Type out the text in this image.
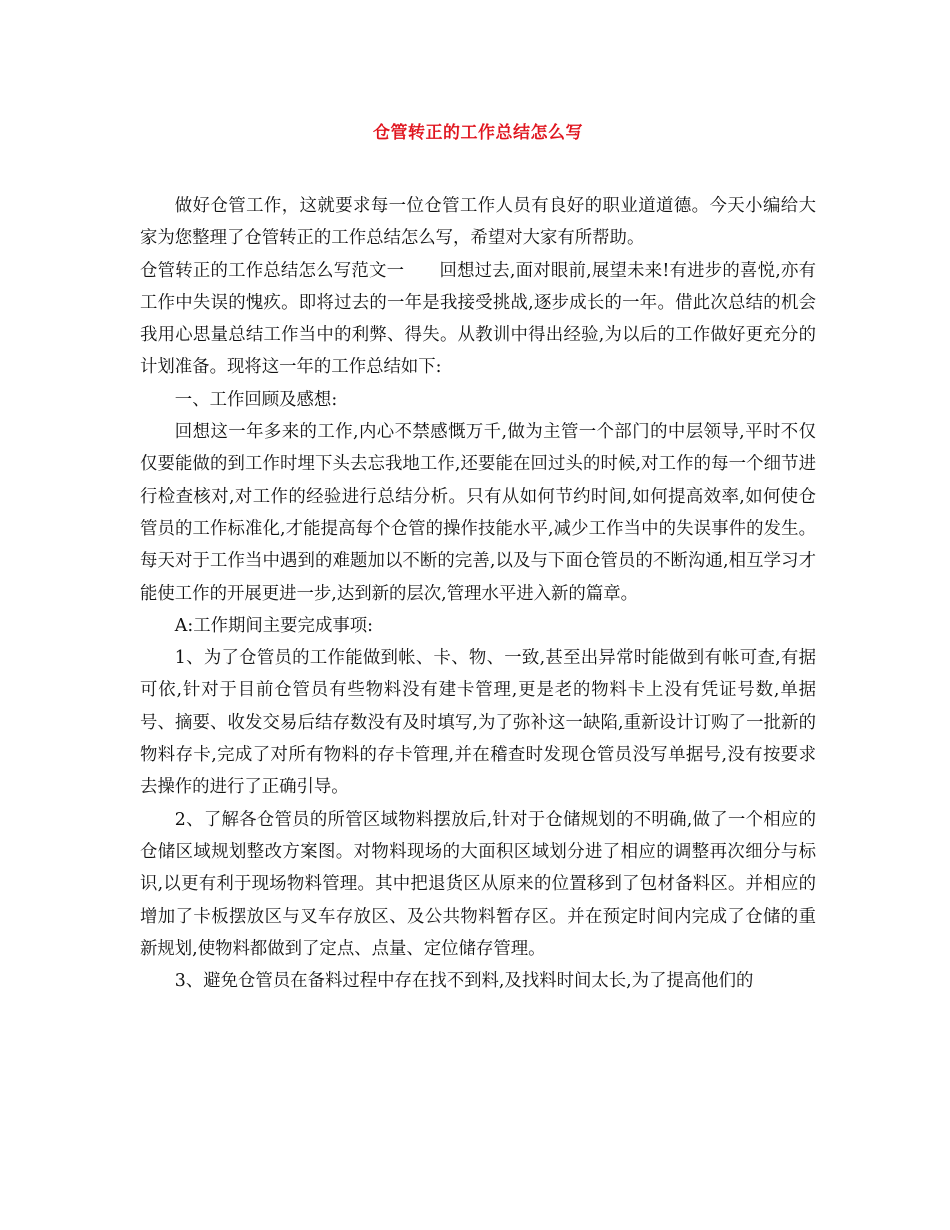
仓管转正的工作总结怎么写

做好仓管工作，这就要求每一位仓管工作人员有良好的职业道道德。今天小编给大家为您整理了仓管转正的工作总结怎么写，希望对大家有所帮助。

仓管转正的工作总结怎么写范文一　　回想过去,面对眼前,展望未来!有进步的喜悦,亦有工作中失误的愧疚。即将过去的一年是我接受挑战,逐步成长的一年。借此次总结的机会我用心思量总结工作当中的利弊、得失。从教训中得出经验,为以后的工作做好更充分的计划准备。现将这一年的工作总结如下:

一、工作回顾及感想:

回想这一年多来的工作,内心不禁感慨万千,做为主管一个部门的中层领导,平时不仅仅要能做的到工作时埋下头去忘我地工作,还要能在回过头的时候,对工作的每一个细节进行检查核对,对工作的经验进行总结分析。只有从如何节约时间,如何提高效率,如何使仓管员的工作标准化,才能提高每个仓管的操作技能水平,减少工作当中的失误事件的发生。每天对于工作当中遇到的难题加以不断的完善,以及与下面仓管员的不断沟通,相互学习才能使工作的开展更进一步,达到新的层次,管理水平进入新的篇章。

A:工作期间主要完成事项:

1、为了仓管员的工作能做到帐、卡、物、一致,甚至出异常时能做到有帐可查,有据可依,针对于目前仓管员有些物料没有建卡管理,更是老的物料卡上没有凭证号数,单据号、摘要、收发交易后结存数没有及时填写,为了弥补这一缺陷,重新设计订购了一批新的物料存卡,完成了对所有物料的存卡管理,并在稽查时发现仓管员没写单据号,没有按要求去操作的进行了正确引导。

2、了解各仓管员的所管区域物料摆放后,针对于仓储规划的不明确,做了一个相应的仓储区域规划整改方案图。对物料现场的大面积区域划分进了相应的调整再次细分与标识,以更有利于现场物料管理。其中把退货区从原来的位置移到了包材备料区。并相应的增加了卡板摆放区与叉车存放区、及公共物料暂存区。并在预定时间内完成了仓储的重新规划,使物料都做到了定点、点量、定位储存管理。

3、避免仓管员在备料过程中存在找不到料,及找料时间太长,为了提高他们的
